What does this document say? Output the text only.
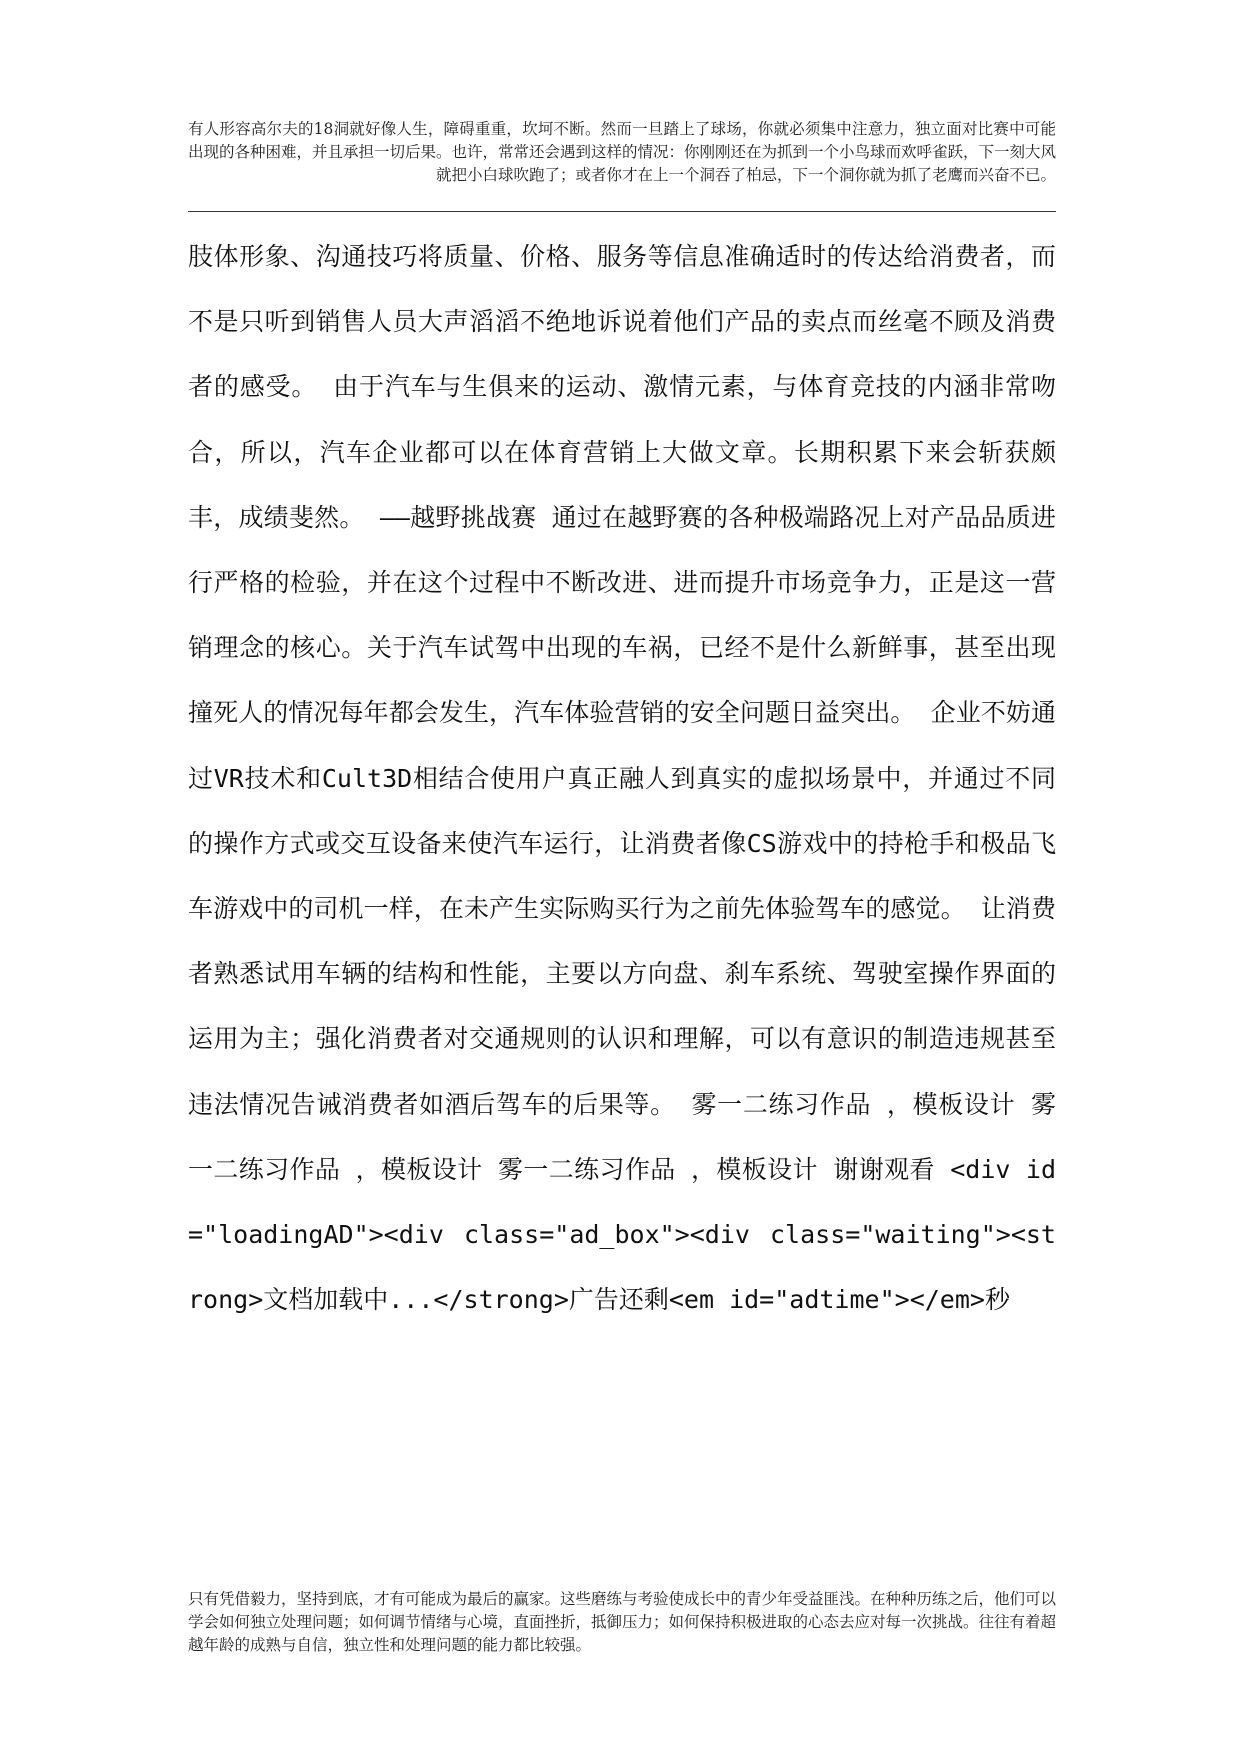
有人形容高尔夫的18洞就好像人生，障碍重重，坎坷不断。然而一旦踏上了球场，你就必须集中注意力，独立面对比赛中可能出现的各种困难，并且承担一切后果。也许，常常还会遇到这样的情况：你刚刚还在为抓到一个小鸟球而欢呼雀跃，下一刻大风就把小白球吹跑了；或者你才在上一个洞吞了柏忌，下一个洞你就为抓了老鹰而兴奋不已。

肢体形象、沟通技巧将质量、价格、服务等信息准确适时的传达给消费者，而不是只听到销售人员大声滔滔不绝地诉说着他们产品的卖点而丝毫不顾及消费者的感受。 由于汽车与生俱来的运动、激情元素，与体育竞技的内涵非常吻合，所以，汽车企业都可以在体育营销上大做文章。长期积累下来会斩获颇丰，成绩斐然。 ——越野挑战赛 通过在越野赛的各种极端路况上对产品品质进行严格的检验，并在这个过程中不断改进、进而提升市场竞争力，正是这一营销理念的核心。关于汽车试驾中出现的车祸，已经不是什么新鲜事，甚至出现撞死人的情况每年都会发生，汽车体验营销的安全问题日益突出。 企业不妨通过VR技术和Cult3D相结合使用户真正融人到真实的虚拟场景中，并通过不同的操作方式或交互设备来使汽车运行，让消费者像CS游戏中的持枪手和极品飞车游戏中的司机一样，在未产生实际购买行为之前先体验驾车的感觉。 让消费者熟悉试用车辆的结构和性能，主要以方向盘、刹车系统、驾驶室操作界面的运用为主；强化消费者对交通规则的认识和理解，可以有意识的制造违规甚至违法情况告诫消费者如酒后驾车的后果等。 雾一二练习作品 ，模板设计 雾一二练习作品 ，模板设计 雾一二练习作品 ，模板设计 谢谢观看 <div id="loadingAD"><div class="ad_box"><div class="waiting"><strong>文档加载中...</strong>广告还剩<em id="adtime"></em>秒

只有凭借毅力，坚持到底，才有可能成为最后的赢家。这些磨练与考验使成长中的青少年受益匪浅。在种种历练之后，他们可以学会如何独立处理问题；如何调节情绪与心境，直面挫折，抵御压力；如何保持积极进取的心态去应对每一次挑战。往往有着超越年龄的成熟与自信，独立性和处理问题的能力都比较强。
